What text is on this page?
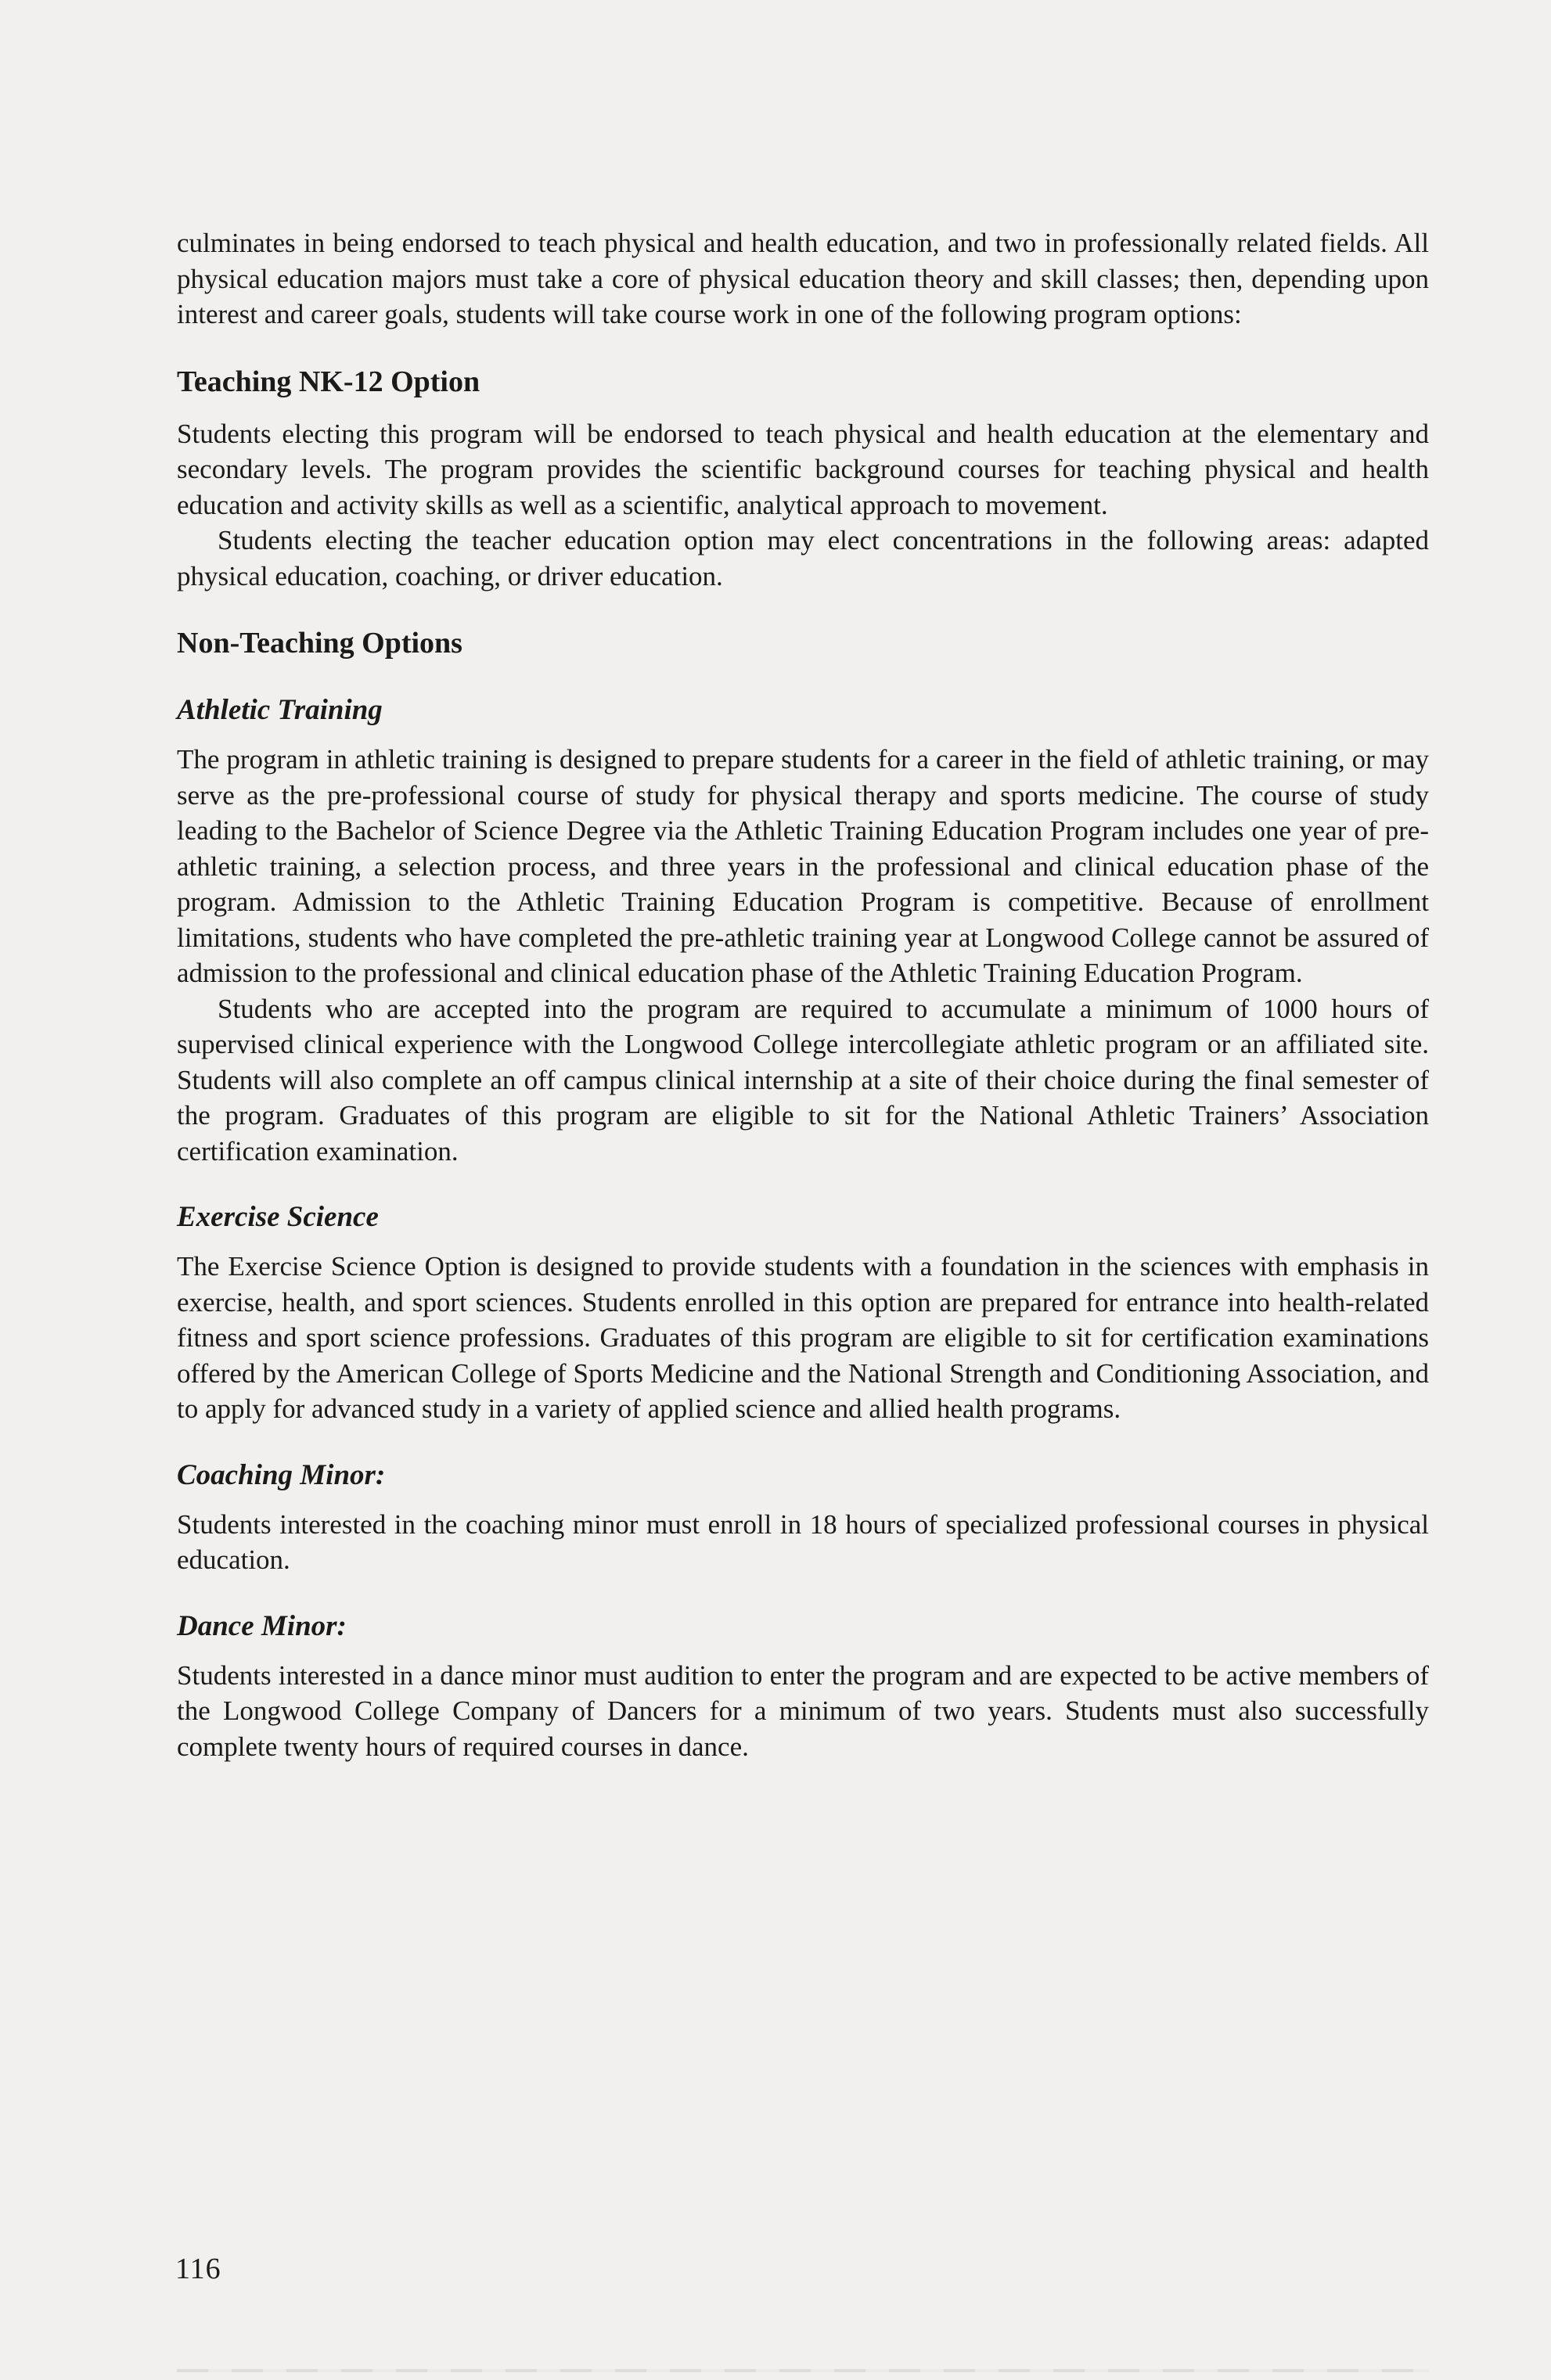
culminates in being endorsed to teach physical and health education, and two in professionally related fields. All physical education majors must take a core of physical education theory and skill classes; then, depending upon interest and career goals, students will take course work in one of the following program options:

Teaching NK-12 Option

Students electing this program will be endorsed to teach physical and health education at the elementary and secondary levels. The program provides the scientific background courses for teaching physical and health education and activity skills as well as a scientific, analytical approach to movement.

Students electing the teacher education option may elect concentrations in the following areas: adapted physical education, coaching, or driver education.

Non-Teaching Options
Athletic Training

The program in athletic training is designed to prepare students for a career in the field of athletic training, or may serve as the pre-professional course of study for physical therapy and sports medicine. The course of study leading to the Bachelor of Science Degree via the Athletic Training Education Program includes one year of pre-athletic training, a selection process, and three years in the professional and clinical education phase of the program. Admission to the Athletic Training Education Program is competitive. Because of enrollment limitations, students who have completed the pre-athletic training year at Longwood College cannot be assured of admission to the professional and clinical education phase of the Athletic Training Education Program.

Students who are accepted into the program are required to accumulate a minimum of 1000 hours of supervised clinical experience with the Longwood College intercollegiate athletic program or an affiliated site. Students will also complete an off campus clinical internship at a site of their choice during the final semester of the program. Graduates of this program are eligible to sit for the National Athletic Trainers’ Association certification examination.

Exercise Science

The Exercise Science Option is designed to provide students with a foundation in the sciences with emphasis in exercise, health, and sport sciences. Students enrolled in this option are prepared for entrance into health-related fitness and sport science professions. Graduates of this program are eligible to sit for certification examinations offered by the American College of Sports Medicine and the National Strength and Conditioning Association, and to apply for advanced study in a variety of applied science and allied health programs.

Coaching Minor:

Students interested in the coaching minor must enroll in 18 hours of specialized professional courses in physical education.

Dance Minor:

Students interested in a dance minor must audition to enter the program and are expected to be active members of the Longwood College Company of Dancers for a minimum of two years. Students must also successfully complete twenty hours of required courses in dance.

116
